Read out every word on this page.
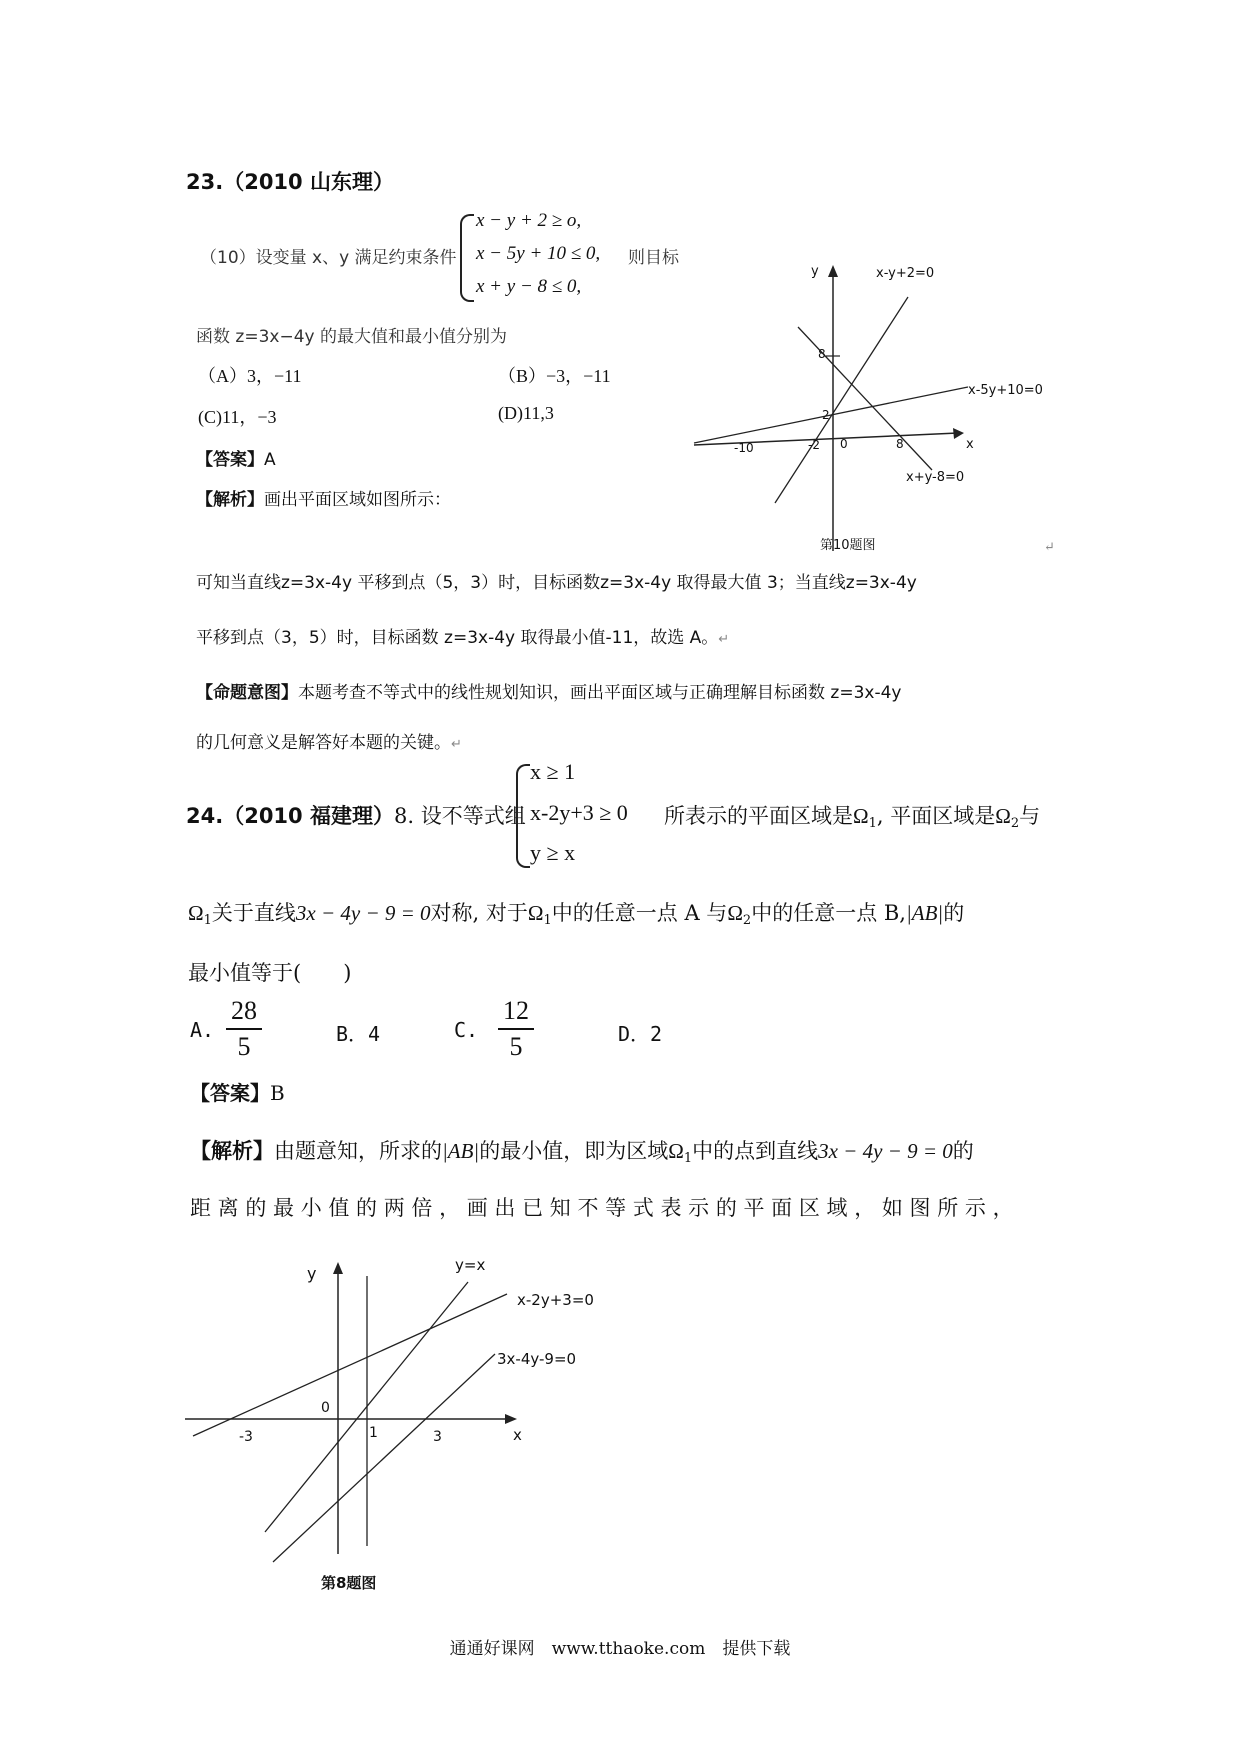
23.（2010 山东理）
（10）设变量 x、y 满足约束条件
x − y + 2 ≥ o,
x − 5y + 10 ≤ 0,
x + y − 8 ≤ 0,
则目标
函数 z=3x−4y 的最大值和最小值分别为
（A）3，−11	（B）−3，−11
(C)11，−3	(D)11,3
【答案】A
【解析】画出平面区域如图所示：
y
x
x-y+2=0
x-5y+10=0
x+y-8=0
-10	-2 0	8
8
2
第10题图	↵
可知当直线z=3x-4y 平移到点（5，3）时，目标函数z=3x-4y 取得最大值 3；当直线z=3x-4y
平移到点（3，5）时，目标函数 z=3x-4y 取得最小值-11，故选 A。↵
【命题意图】本题考查不等式中的线性规划知识，画出平面区域与正确理解目标函数 z=3x-4y
的几何意义是解答好本题的关键。↵
24.（2010 福建理）8. 设不等式组
x ≥ 1
x-2y+3 ≥ 0
y ≥ x
所表示的平面区域是$\Omega_1$, 平面区域是$\Omega_2$与
$\Omega_1$关于直线3x − 4y − 9 = 0对称, 对于$\Omega_1$中的任意一点 A 与$\Omega_2$中的任意一点 B,|AB|的
最小值等于(　　)
A.
28
5	B．4	C.
12
5	D．2
【答案】B
【解析】由题意知，所求的|AB|的最小值，即为区域$\Omega_1$中的点到直线3x − 4y − 9 = 0的
距 离 的 最 小 值 的 两 倍 ， 画 出 已 知 不 等 式 表 示 的 平 面 区 域 ， 如 图 所 示 ，
y
x
y=x
x-2y+3=0
3x-4y-9=0
-3
0
1	3
第8题图
通通好课网　www.tthaoke.com　提供下载
